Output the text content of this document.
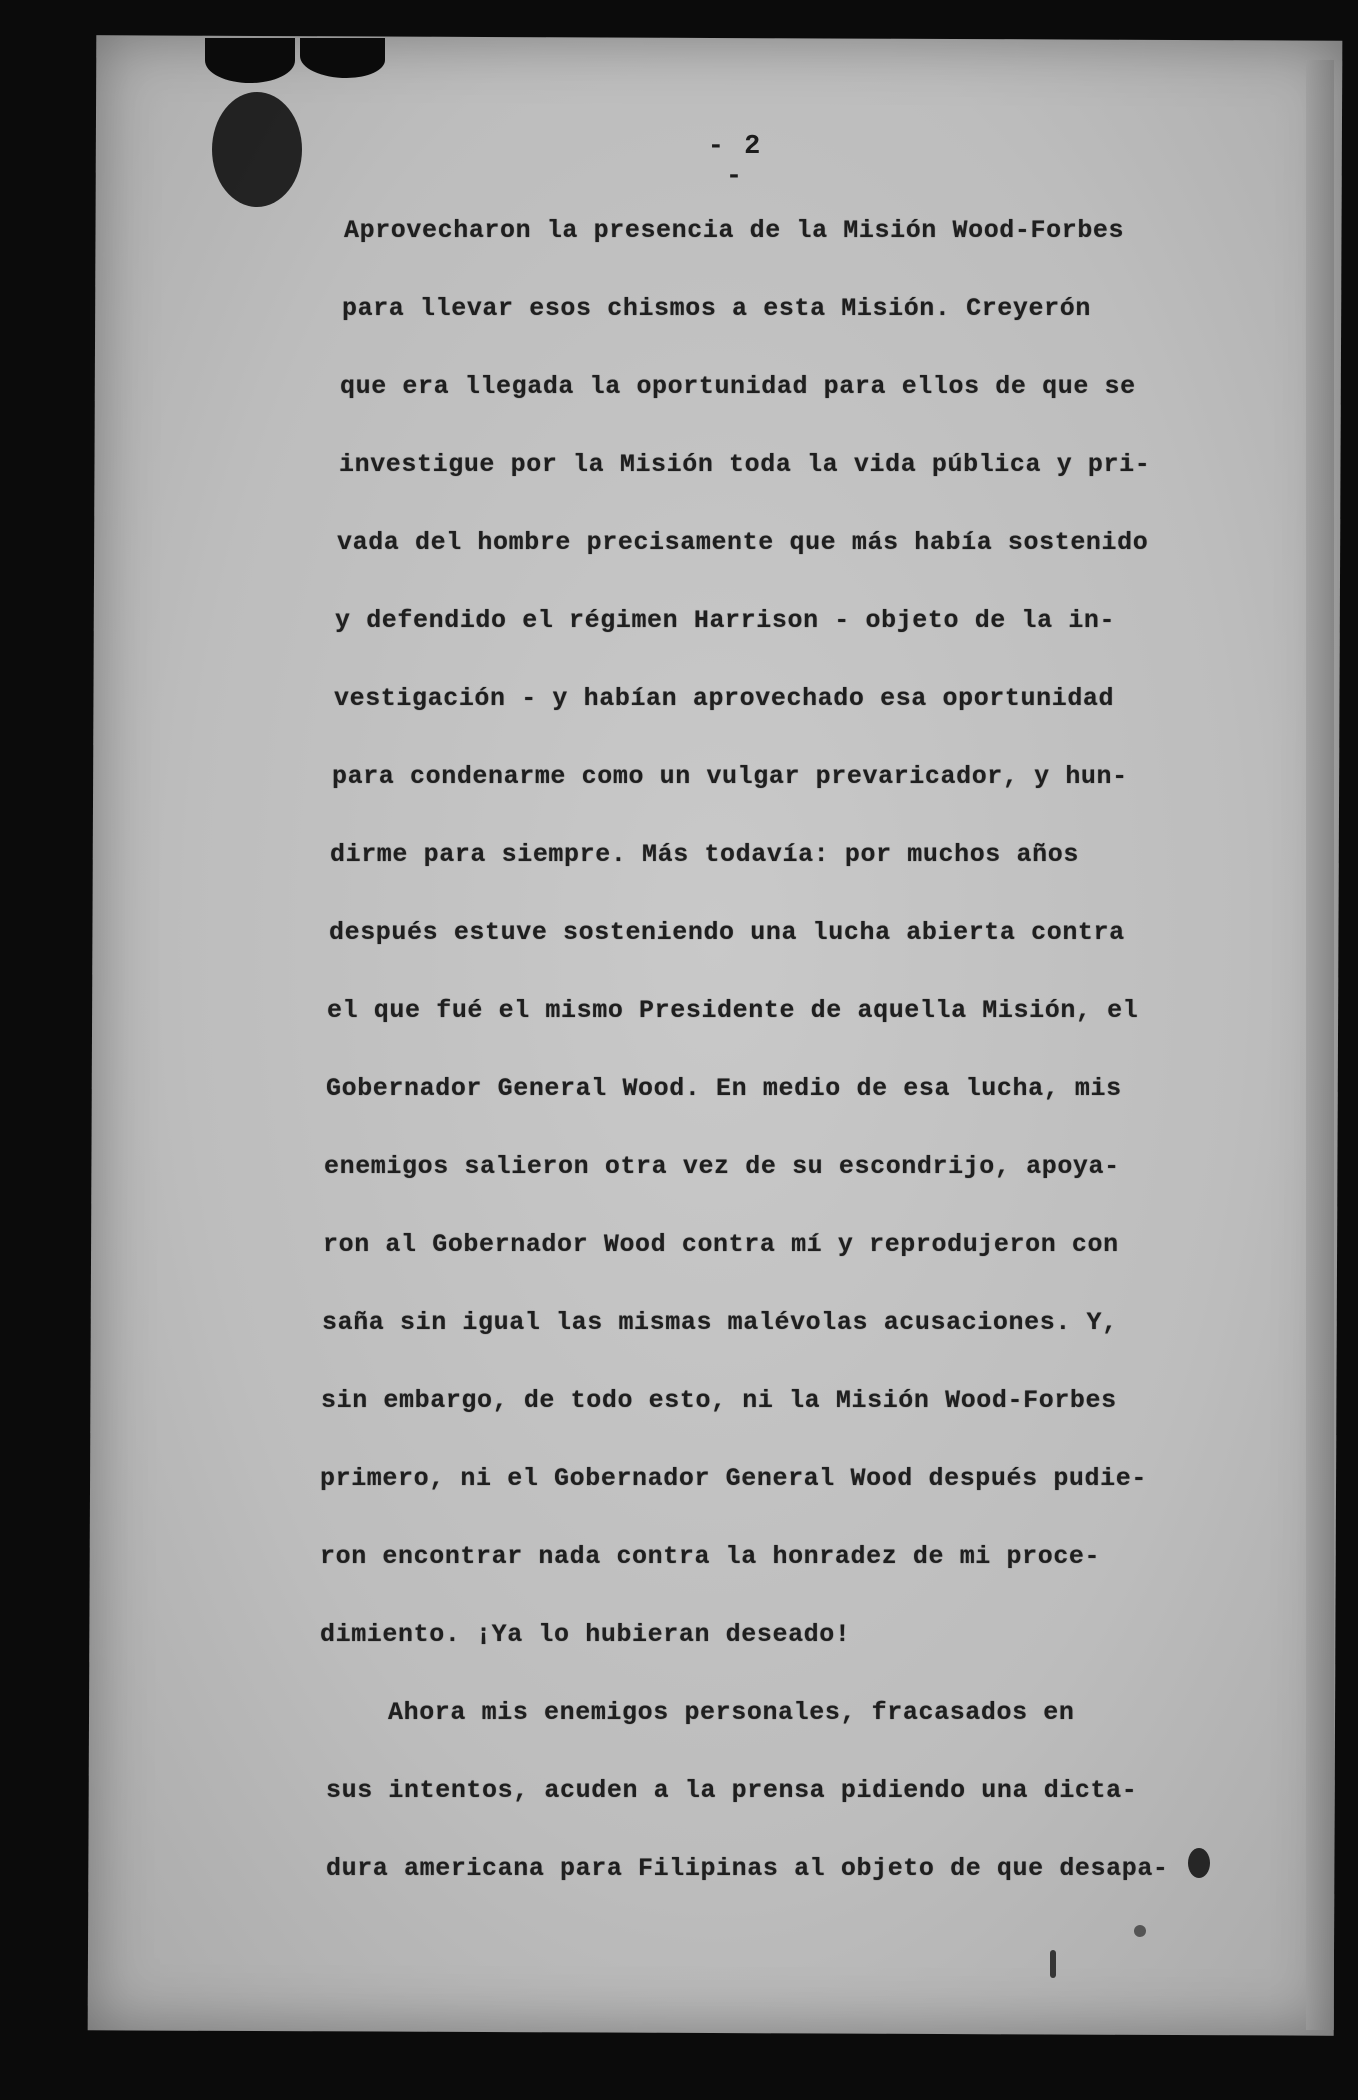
- 2 -
Aprovecharon la presencia de la Misión Wood-Forbes
para llevar esos chismos a esta Misión. Creyerón
que era llegada la oportunidad para ellos de que se
investigue por la Misión toda la vida pública y pri-
vada del hombre precisamente que más había sostenido
y defendido el régimen Harrison - objeto de la in-
vestigación - y habían aprovechado esa oportunidad
para condenarme como un vulgar prevaricador, y hun-
dirme para siempre. Más todavía: por muchos años
después estuve sosteniendo una lucha abierta contra
el que fué el mismo Presidente de aquella Misión, el
Gobernador General Wood. En medio de esa lucha, mis
enemigos salieron otra vez de su escondrijo, apoya-
ron al Gobernador Wood contra mí y reprodujeron con
saña sin igual las mismas malévolas acusaciones. Y,
sin embargo, de todo esto, ni la Misión Wood-Forbes
primero, ni el Gobernador General Wood después pudie-
ron encontrar nada contra la honradez de mi proce-
dimiento. ¡Ya lo hubieran deseado!
Ahora mis enemigos personales, fracasados en
sus intentos, acuden a la prensa pidiendo una dicta-
dura americana para Filipinas al objeto de que desapa-
